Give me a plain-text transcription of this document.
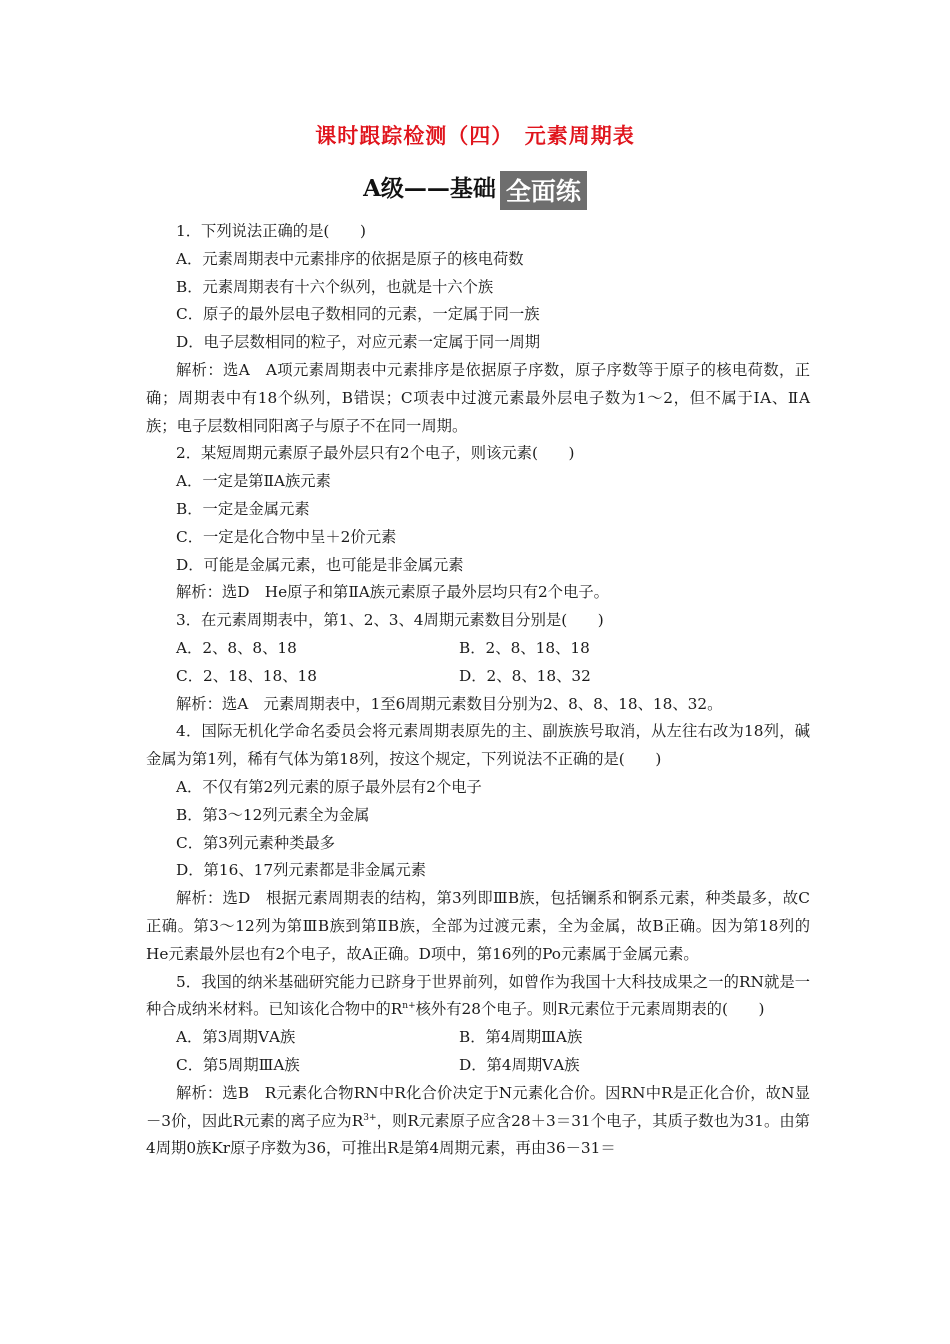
课时跟踪检测（四）　元素周期表
A级——基础 全面练
1．下列说法正确的是(　　)
A．元素周期表中元素排序的依据是原子的核电荷数
B．元素周期表有十六个纵列，也就是十六个族
C．原子的最外层电子数相同的元素，一定属于同一族
D．电子层数相同的粒子，对应元素一定属于同一周期
解析：选A　A项元素周期表中元素排序是依据原子序数，原子序数等于原子的核电荷数，正确；周期表中有18个纵列，B错误；C项表中过渡元素最外层电子数为1～2，但不属于ⅠA、ⅡA族；电子层数相同阳离子与原子不在同一周期。
2．某短周期元素原子最外层只有2个电子，则该元素(　　)
A．一定是第ⅡA族元素
B．一定是金属元素
C．一定是化合物中呈＋2价元素
D．可能是金属元素，也可能是非金属元素
解析：选D　He原子和第ⅡA族元素原子最外层均只有2个电子。
3．在元素周期表中，第1、2、3、4周期元素数目分别是(　　)
A．2、8、8、18	B．2、8、18、18
C．2、18、18、18	D．2、8、18、32
解析：选A　元素周期表中，1至6周期元素数目分别为2、8、8、18、18、32。
4．国际无机化学命名委员会将元素周期表原先的主、副族族号取消，从左往右改为18列，碱金属为第1列，稀有气体为第18列，按这个规定，下列说法不正确的是(　　)
A．不仅有第2列元素的原子最外层有2个电子
B．第3～12列元素全为金属
C．第3列元素种类最多
D．第16、17列元素都是非金属元素
解析：选D　根据元素周期表的结构，第3列即ⅢB族，包括镧系和锕系元素，种类最多，故C正确。第3～12列为第ⅢB族到第ⅡB族，全部为过渡元素，全为金属，故B正确。因为第18列的He元素最外层也有2个电子，故A正确。D项中，第16列的Po元素属于金属元素。
5．我国的纳米基础研究能力已跻身于世界前列，如曾作为我国十大科技成果之一的RN就是一种合成纳米材料。已知该化合物中的$R^{n+}$核外有28个电子。则R元素位于元素周期表的(　　)
A．第3周期ⅤA族	B．第4周期ⅢA族
C．第5周期ⅢA族	D．第4周期ⅤA族
解析：选B　R元素化合物RN中R化合价决定于N元素化合价。因RN中R是正化合价，故N显－3价，因此R元素的离子应为$R^{3+}$，则R元素原子应含28＋3＝31个电子，其质子数也为31。由第4周期0族Kr原子序数为36，可推出R是第4周期元素，再由36－31＝
